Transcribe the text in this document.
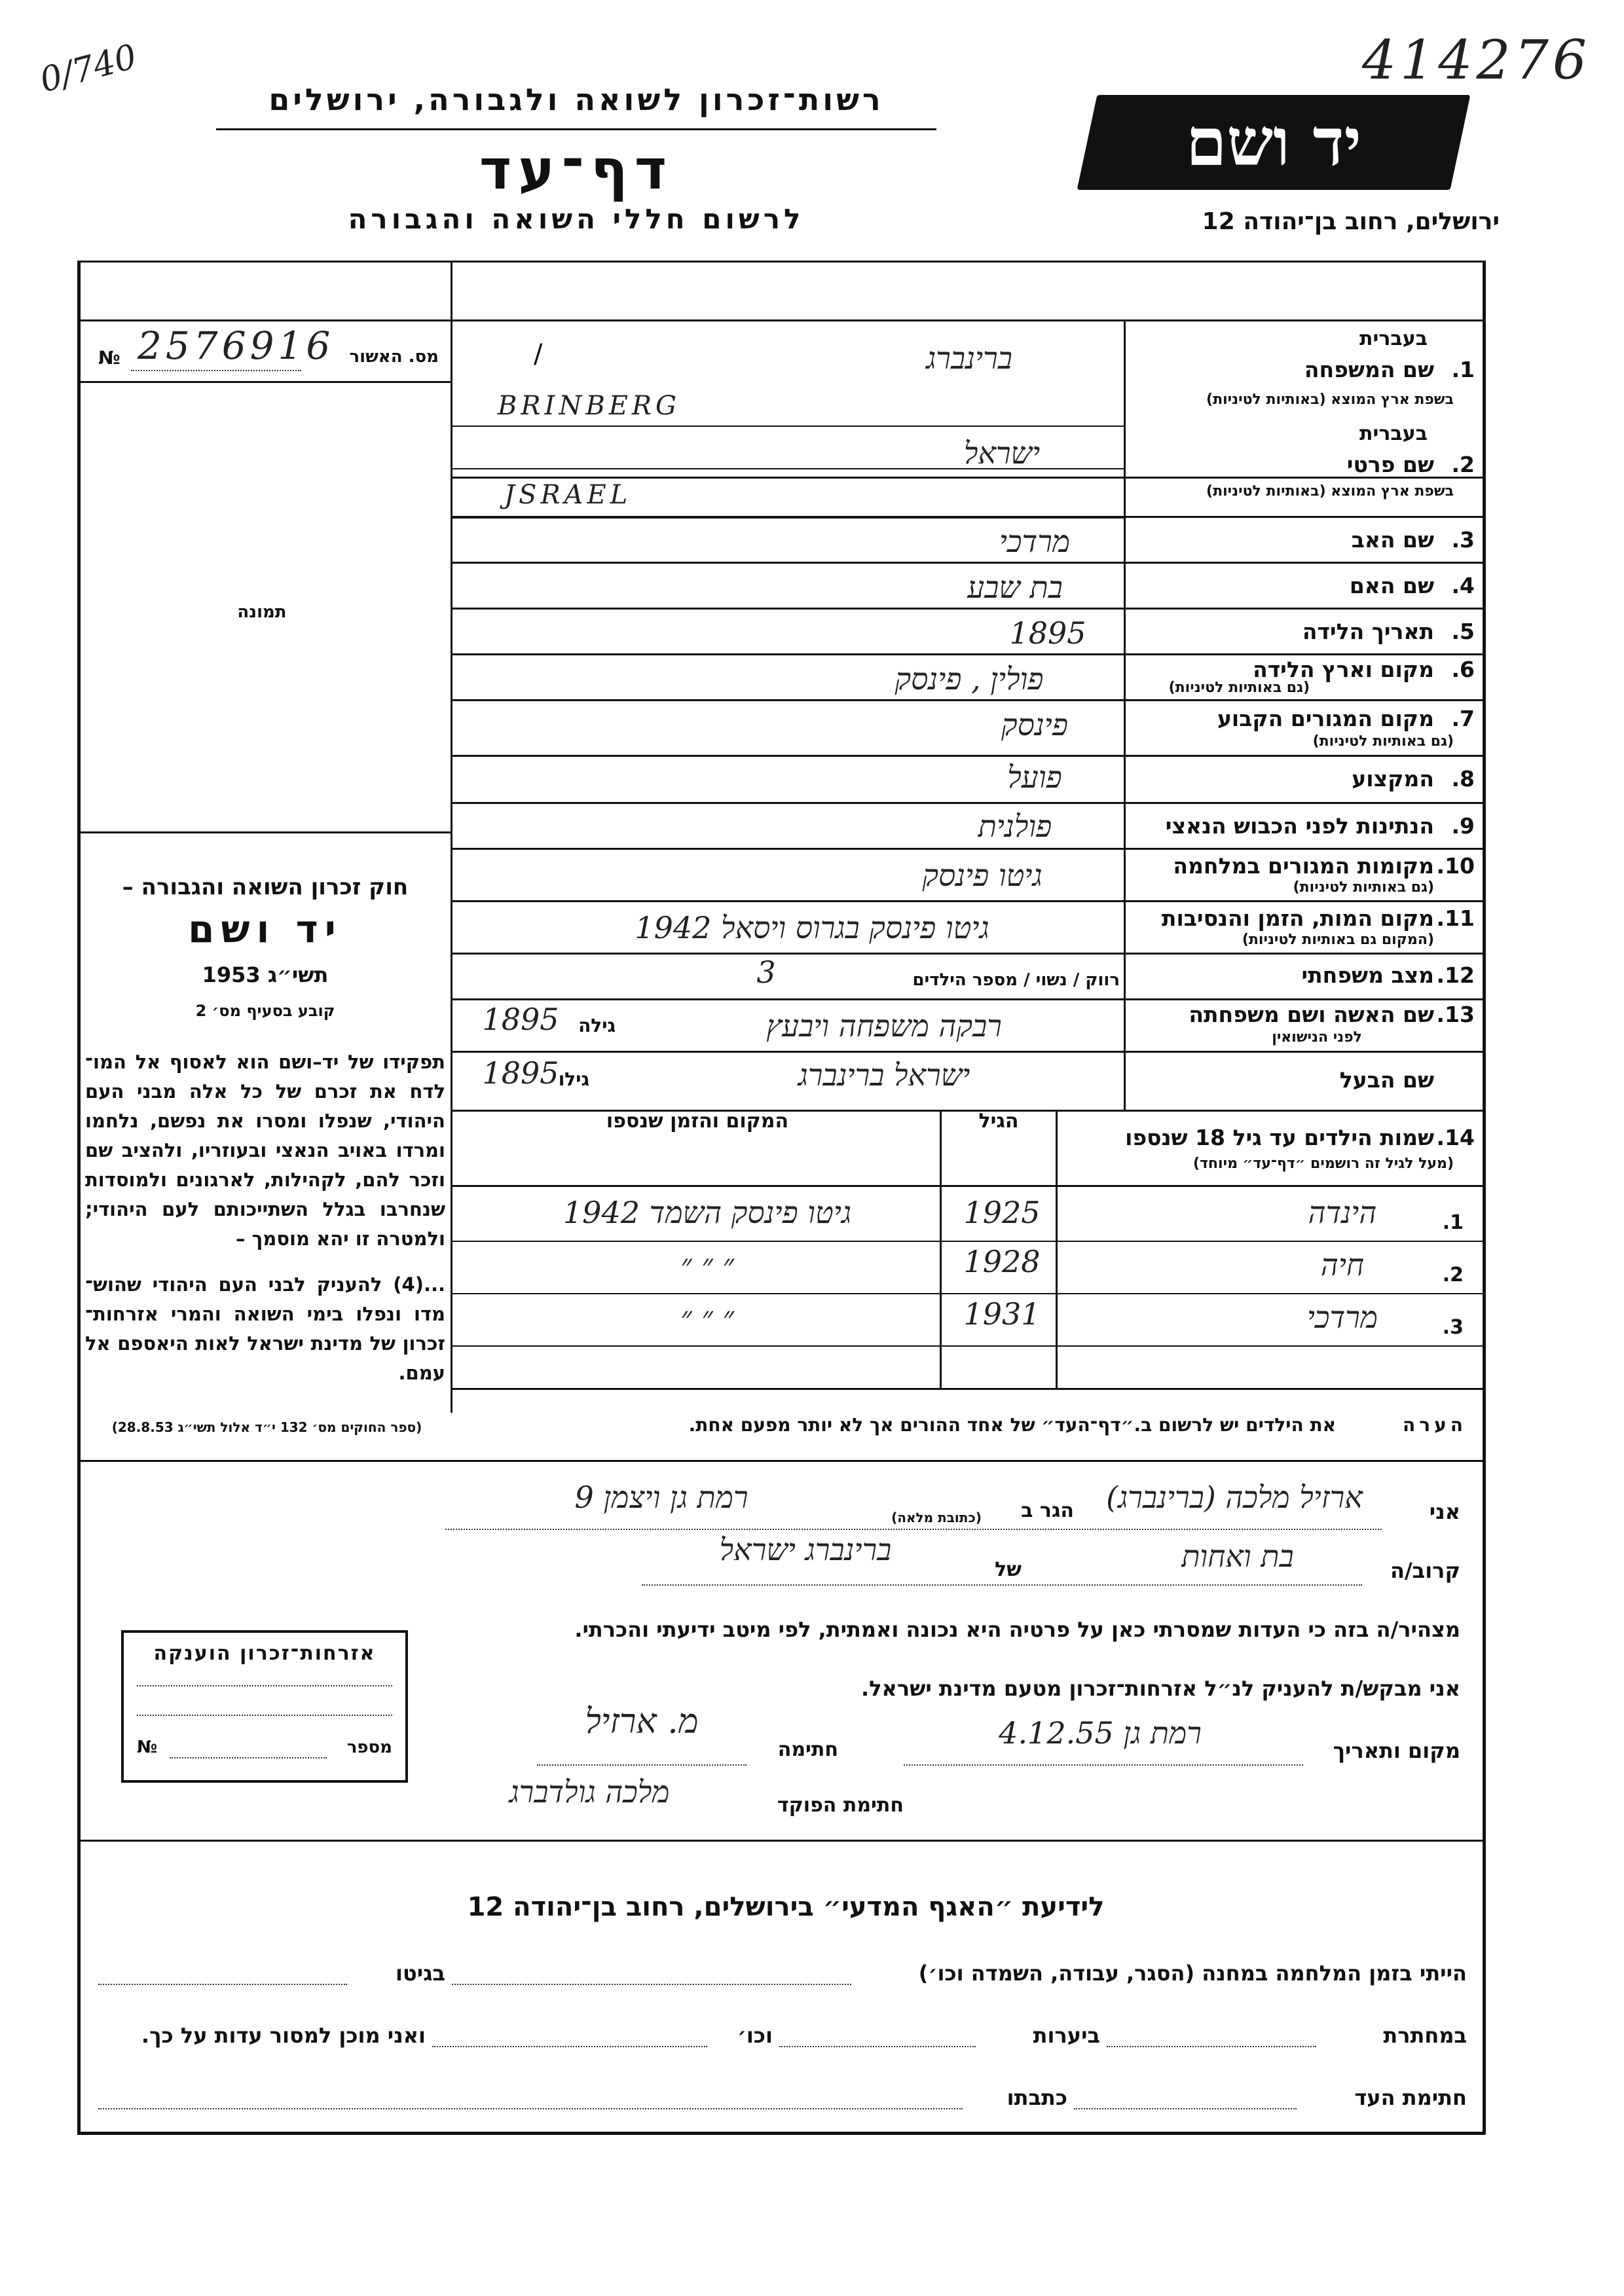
0/740	414276
רשות־זכרון לשואה ולגבורה, ירושלים
דף־עד
לרשום חללי השואה והגבורה
יד ושם
ירושלים, רחוב בן־יהודה 12
№ 2576916 מס. האשור
תמונה
חוק זכרון השואה והגבורה –
יד ושם
תשי״ג 1953
קובע בסעיף מס׳ 2
תפקידו של יד–ושם הוא לאסוף אל המו־ לדח את זכרם של כל אלה מבני העם היהודי, שנפלו ומסרו את נפשם, נלחמו ומרדו באויב הנאצי ובעוזריו, ולהציב שם וזכר להם, לקהילות, לארגונים ולמוסדות שנחרבו בגלל השתייכותם לעם היהודי; ולמטרה זו יהא מוסמך –
...(4) להעניק לבני העם היהודי שהוש־ מדו ונפלו בימי השואה והמרי אזרחות־ זכרון של מדינת ישראל לאות היאספם אל עמם.
(ספר החוקים מס׳ 132 י״ד אלול תשי״ג 28.8.53)
בעברית
1.
שם המשפחה
בשפת ארץ המוצא (באותיות לטיניות)
ברינברג
/
BRINBERG
בעברית
2.
שם פרטי
בשפת ארץ המוצא (באותיות לטיניות)
ישראל
JSRAEL
3.
שם האב
מרדכי
4.
שם האם
בת שבע
5.
תאריך הלידה
1895
6.
מקום וארץ הלידה
(גם באותיות לטיניות)
פולין , פינסק
7.
מקום המגורים הקבוע
(גם באותיות לטיניות)
פינסק
8.
המקצוע
פועל
9.
הנתינות לפני הכבוש הנאצי
פולנית
10.
מקומות המגורים במלחמה
(גם באותיות לטיניות)
גיטו פינסק
11.
מקום המות, הזמן והנסיבות
(המקום גם באותיות לטיניות)
גיטו פינסק בגרוס ויסאל 1942
12.
מצב משפחתי
רווק / נשוי / מספר הילדים
3
13.
שם האשה ושם משפחתה
לפני הנישואין
רבקה משפחה ויבעץ
גילה
1895
שם הבעל
ישראל ברינברג
גילו
1895
14.
שמות הילדים עד גיל 18 שנספו
(מעל לגיל זה רושמים ״דף־עד״ מיוחד)
הגיל
המקום והזמן שנספו
1.
הינדה
1925
גיטו פינסק השמד 1942
2.
חיה
1928
״ ״ ״
3.
מרדכי
1931
״ ״ ״
הערה
את הילדים יש לרשום ב.״דף־העד״ של אחד ההורים אך לא יותר מפעם אחת.
אני
ארזיל מלכה (ברינברג)
הגר ב
(כתובת מלאה)
רמת גן ויצמן 9
קרוב/ה
בת ואחות
של
ברינברג ישראל
מצהיר/ה בזה כי העדות שמסרתי כאן על פרטיה היא נכונה ואמתית, לפי מיטב ידיעתי והכרתי.
אני מבקש/ת להעניק לנ״ל אזרחות־זכרון מטעם מדינת ישראל.
מקום ותאריך
רמת גן 4.12.55
חתימה
מ. ארזיל
חתימת הפוקד
מלכה גולדברג
אזרחות־זכרון הוענקה
מספר
№
לידיעת ״האגף המדעי״ בירושלים, רחוב בן־יהודה 12
הייתי בזמן המלחמה במחנה (הסגר, עבודה, השמדה וכו׳)
בגיטו
במחתרת
ביערות
וכו׳
ואני מוכן למסור עדות על כך.
חתימת העד
כתבתו
